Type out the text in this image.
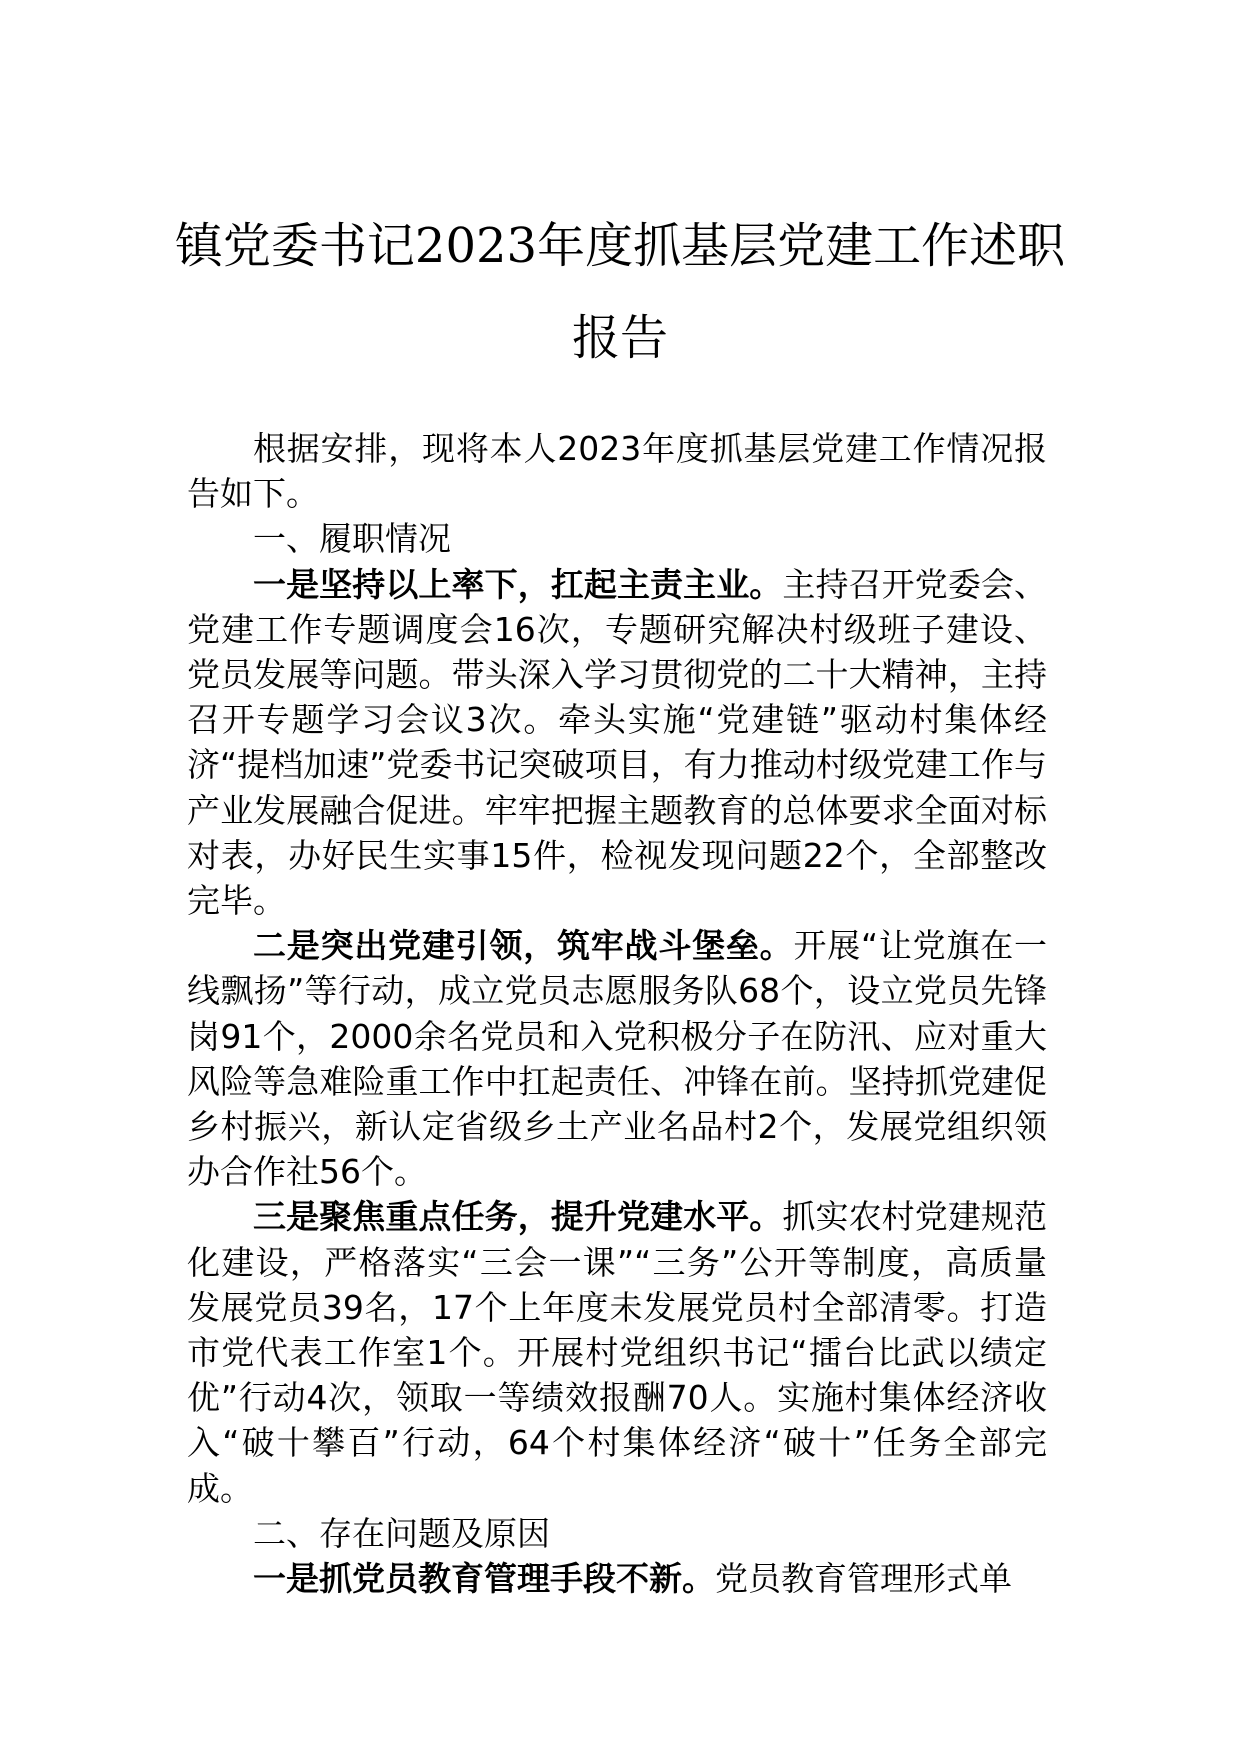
镇党委书记2023年度抓基层党建工作述职
报告

根据安排，现将本人2023年度抓基层党建工作情况报告如下。

一、履职情况

一是坚持以上率下，扛起主责主业。主持召开党委会、党建工作专题调度会16次，专题研究解决村级班子建设、党员发展等问题。带头深入学习贯彻党的二十大精神，主持召开专题学习会议3次。牵头实施“党建链”驱动村集体经济“提档加速”党委书记突破项目，有力推动村级党建工作与产业发展融合促进。牢牢把握主题教育的总体要求全面对标对表，办好民生实事15件，检视发现问题22个，全部整改完毕。

二是突出党建引领，筑牢战斗堡垒。开展“让党旗在一线飘扬”等行动，成立党员志愿服务队68个，设立党员先锋岗91个，2000余名党员和入党积极分子在防汛、应对重大风险等急难险重工作中扛起责任、冲锋在前。坚持抓党建促乡村振兴，新认定省级乡土产业名品村2个，发展党组织领办合作社56个。

三是聚焦重点任务，提升党建水平。抓实农村党建规范化建设，严格落实“三会一课”“三务”公开等制度，高质量发展党员39名，17个上年度未发展党员村全部清零。打造市党代表工作室1个。开展村党组织书记“擂台比武以绩定优”行动4次，领取一等绩效报酬70人。实施村集体经济收入“破十攀百”行动，64个村集体经济“破十”任务全部完成。

二、存在问题及原因

一是抓党员教育管理手段不新。党员教育管理形式单
